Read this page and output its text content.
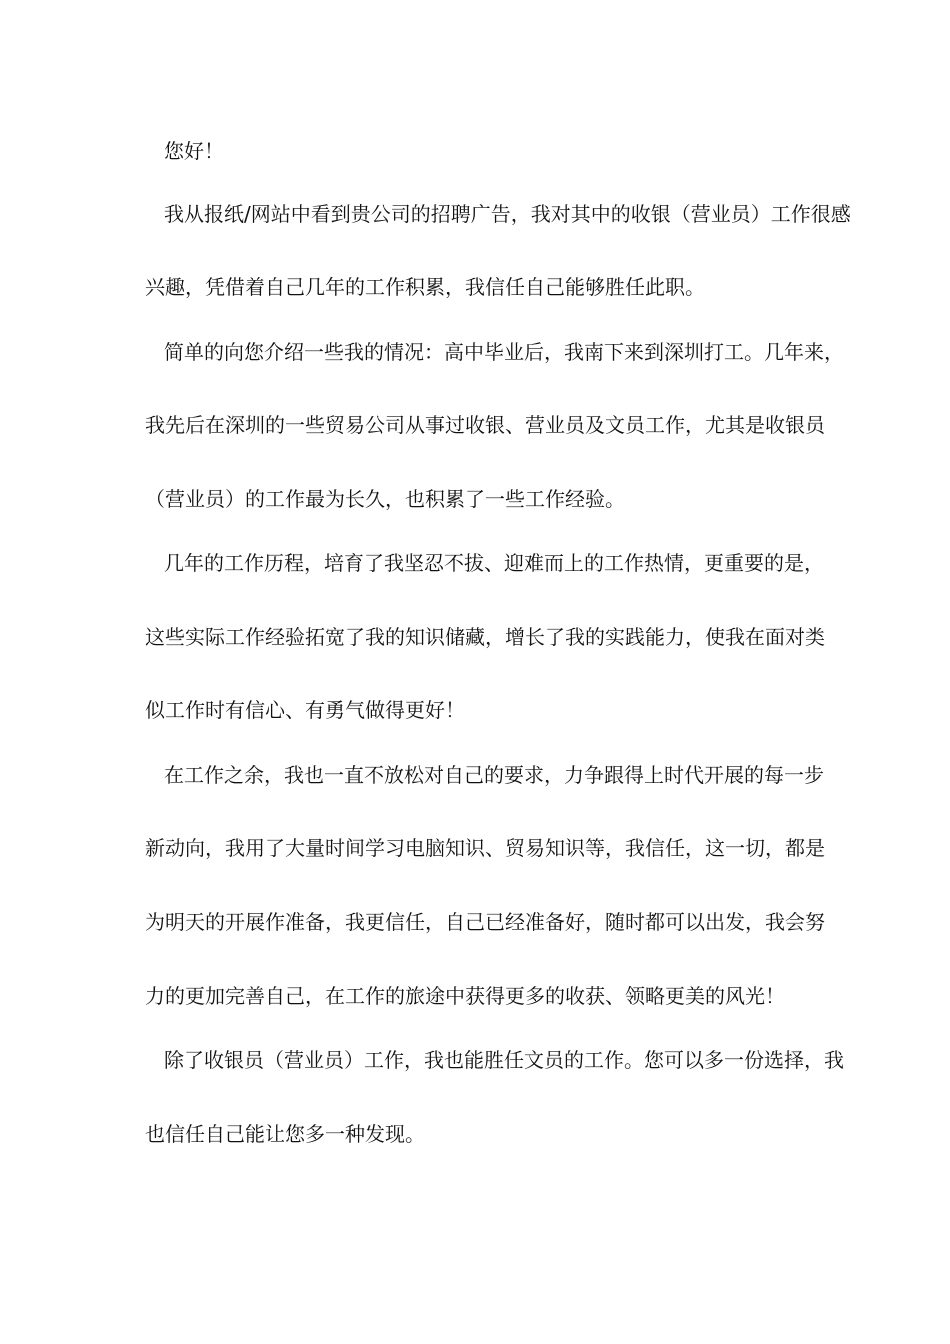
您好！
我从报纸/网站中看到贵公司的招聘广告，我对其中的收银（营业员）工作很感
兴趣，凭借着自己几年的工作积累，我信任自己能够胜任此职。
简单的向您介绍一些我的情况：高中毕业后，我南下来到深圳打工。几年来，
我先后在深圳的一些贸易公司从事过收银、营业员及文员工作，尤其是收银员
（营业员）的工作最为长久，也积累了一些工作经验。
几年的工作历程，培育了我坚忍不拔、迎难而上的工作热情，更重要的是，
这些实际工作经验拓宽了我的知识储藏，增长了我的实践能力，使我在面对类
似工作时有信心、有勇气做得更好！
在工作之余，我也一直不放松对自己的要求，力争跟得上时代开展的每一步
新动向，我用了大量时间学习电脑知识、贸易知识等，我信任，这一切，都是
为明天的开展作准备，我更信任，自己已经准备好，随时都可以出发，我会努
力的更加完善自己，在工作的旅途中获得更多的收获、领略更美的风光！
除了收银员（营业员）工作，我也能胜任文员的工作。您可以多一份选择，我
也信任自己能让您多一种发现。
